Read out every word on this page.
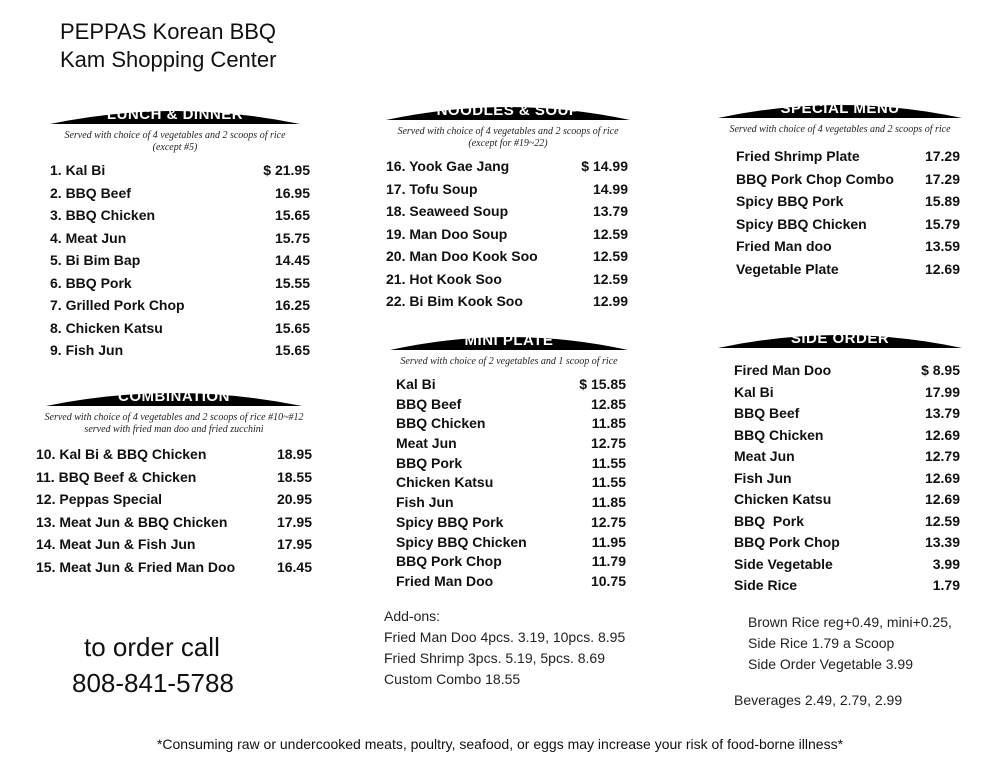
PEPPAS Korean BBQ
Kam Shopping Center
LUNCH & DINNER
Served with choice of 4 vegetables and 2 scoops of rice (except #5)
1. Kal Bi	$ 21.95
2. BBQ Beef	16.95
3. BBQ Chicken	15.65
4. Meat Jun	15.75
5. Bi Bim Bap	14.45
6. BBQ Pork	15.55
7. Grilled Pork Chop	16.25
8. Chicken Katsu	15.65
9. Fish Jun	15.65
COMBINATION
Served with choice of 4 vegetables and 2 scoops of rice #10~#12 served with fried man doo and fried zucchini
10. Kal Bi & BBQ Chicken	18.95
11. BBQ Beef & Chicken	18.55
12. Peppas Special	20.95
13. Meat Jun & BBQ Chicken	17.95
14. Meat Jun & Fish Jun	17.95
15. Meat Jun & Fried Man Doo	16.45
to order call
808-841-5788
NOODLES & SOUP
Served with choice of 4 vegetables and 2 scoops of rice (except for #19~22)
16. Yook Gae Jang	$ 14.99
17. Tofu Soup	14.99
18. Seaweed Soup	13.79
19. Man Doo Soup	12.59
20. Man Doo Kook Soo	12.59
21. Hot Kook Soo	12.59
22. Bi Bim Kook Soo	12.99
MINI PLATE
Served with choice of 2 vegetables and 1 scoop of rice
Kal Bi	$ 15.85
BBQ Beef	12.85
BBQ Chicken	11.85
Meat Jun	12.75
BBQ Pork	11.55
Chicken Katsu	11.55
Fish Jun	11.85
Spicy BBQ Pork	12.75
Spicy BBQ Chicken	11.95
BBQ Pork Chop	11.79
Fried Man Doo	10.75
Add-ons:
Fried Man Doo 4pcs. 3.19, 10pcs. 8.95
Fried Shrimp 3pcs. 5.19, 5pcs. 8.69
Custom Combo 18.55
SPECIAL MENU
Served with choice of 4 vegetables and 2 scoops of rice
Fried Shrimp Plate	17.29
BBQ Pork Chop Combo 17.29
Spicy BBQ Pork	15.89
Spicy BBQ Chicken	15.79
Fried Man doo	13.59
Vegetable Plate	12.69
SIDE ORDER
Fired Man Doo	$ 8.95
Kal Bi	17.99
BBQ Beef	13.79
BBQ Chicken	12.69
Meat Jun	12.79
Fish Jun	12.69
Chicken Katsu	12.69
BBQ  Pork	12.59
BBQ Pork Chop	13.39
Side Vegetable	3.99
Side Rice	1.79
Brown Rice reg+0.49, mini+0.25,
Side Rice 1.79 a Scoop
Side Order Vegetable 3.99
Beverages 2.49, 2.79, 2.99
*Consuming raw or undercooked meats, poultry, seafood, or eggs may increase your risk of food-borne illness*
